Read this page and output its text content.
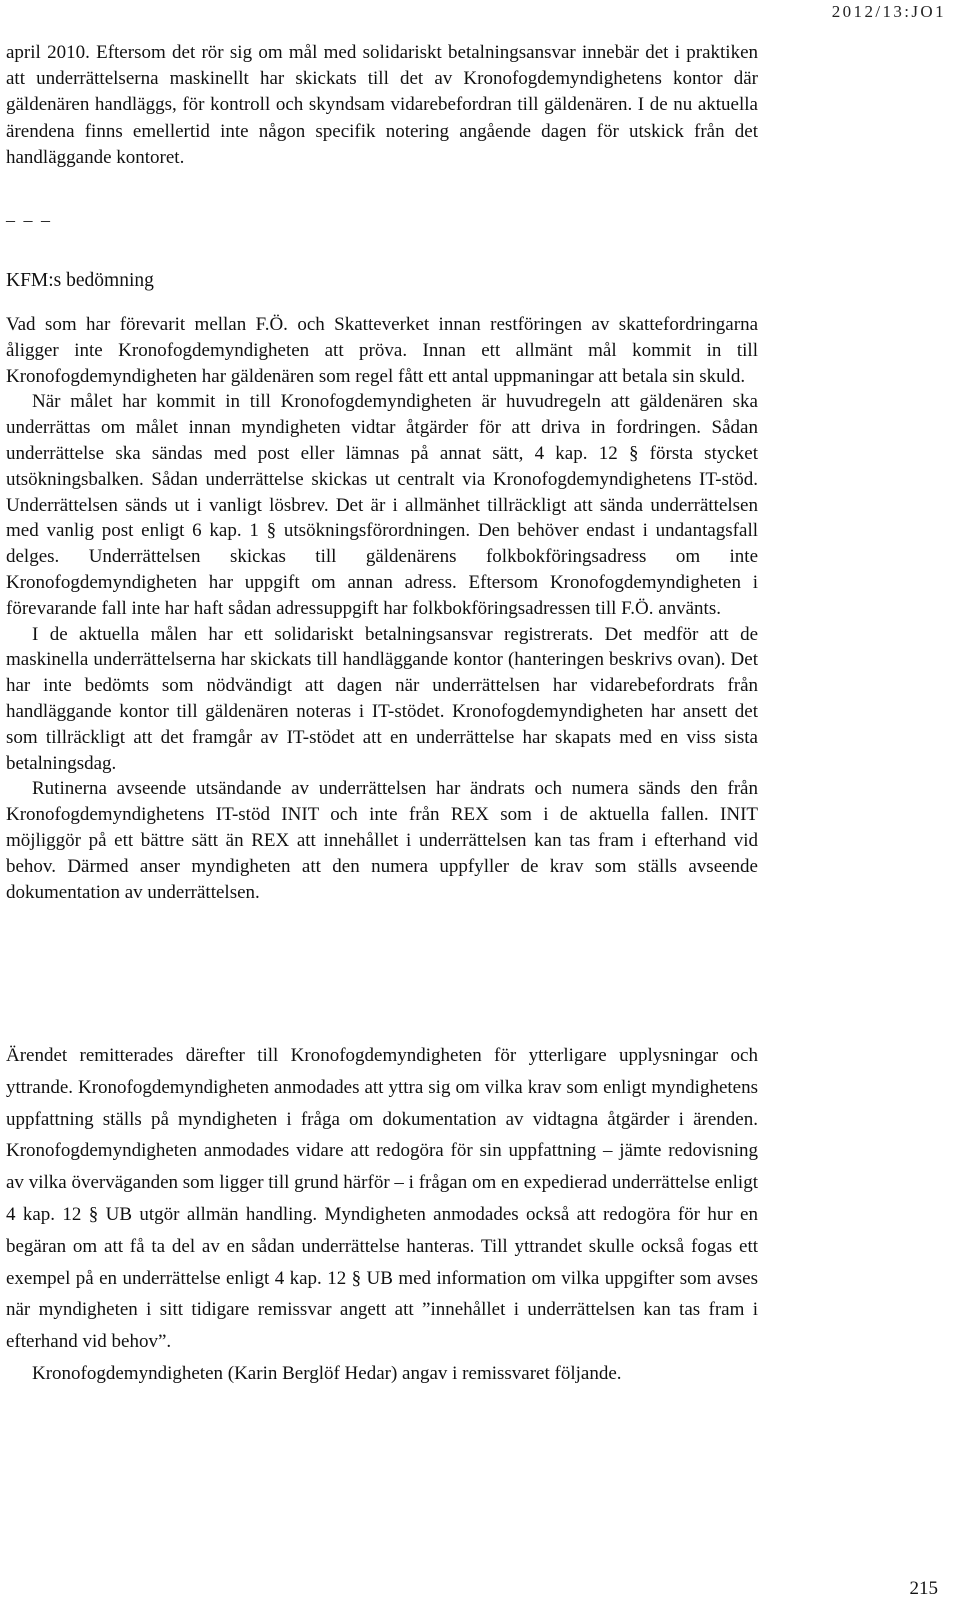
2012/13:JO1
april 2010. Eftersom det rör sig om mål med solidariskt betalningsansvar innebär det i praktiken att underrättelserna maskinellt har skickats till det av Kronofogdemyndighetens kontor där gäldenären handläggs, för kontroll och skyndsam vidarebefordran till gäldenären. I de nu aktuella ärendena finns emellertid inte någon specifik notering angående dagen för utskick från det handläggande kontoret.
– – –
KFM:s bedömning

Vad som har förevarit mellan F.Ö. och Skatteverket innan restföringen av skattefordringarna åligger inte Kronofogdemyndigheten att pröva. Innan ett allmänt mål kommit in till Kronofogdemyndigheten har gäldenären som regel fått ett antal uppmaningar att betala sin skuld.

När målet har kommit in till Kronofogdemyndigheten är huvudregeln att gäldenären ska underrättas om målet innan myndigheten vidtar åtgärder för att driva in fordringen. Sådan underrättelse ska sändas med post eller lämnas på annat sätt, 4 kap. 12 § första stycket utsökningsbalken. Sådan underrättelse skickas ut centralt via Kronofogdemyndighetens IT-stöd. Underrättelsen sänds ut i vanligt lösbrev. Det är i allmänhet tillräckligt att sända underrättelsen med vanlig post enligt 6 kap. 1 § utsökningsförordningen. Den behöver endast i undantagsfall delges. Underrättelsen skickas till gäldenärens folkbokföringsadress om inte Kronofogdemyndigheten har uppgift om annan adress. Eftersom Kronofogdemyndigheten i förevarande fall inte har haft sådan adressuppgift har folkbokföringsadressen till F.Ö. använts.

I de aktuella målen har ett solidariskt betalningsansvar registrerats. Det medför att de maskinella underrättelserna har skickats till handläggande kontor (hanteringen beskrivs ovan). Det har inte bedömts som nödvändigt att dagen när underrättelsen har vidarebefordrats från handläggande kontor till gäldenären noteras i IT-stödet. Kronofogdemyndigheten har ansett det som tillräckligt att det framgår av IT-stödet att en underrättelse har skapats med en viss sista betalningsdag.

Rutinerna avseende utsändande av underrättelsen har ändrats och numera sänds den från Kronofogdemyndighetens IT-stöd INIT och inte från REX som i de aktuella fallen. INIT möjliggör på ett bättre sätt än REX att innehållet i underrättelsen kan tas fram i efterhand vid behov. Därmed anser myndigheten att den numera uppfyller de krav som ställs avseende dokumentation av underrättelsen.

Ärendet remitterades därefter till Kronofogdemyndigheten för ytterligare upplysningar och yttrande. Kronofogdemyndigheten anmodades att yttra sig om vilka krav som enligt myndighetens uppfattning ställs på myndigheten i fråga om dokumentation av vidtagna åtgärder i ärenden. Kronofogdemyndigheten anmodades vidare att redogöra för sin uppfattning – jämte redovisning av vilka överväganden som ligger till grund härför – i frågan om en expedierad underrättelse enligt 4 kap. 12 § UB utgör allmän handling. Myndigheten anmodades också att redogöra för hur en begäran om att få ta del av en sådan underrättelse hanteras. Till yttrandet skulle också fogas ett exempel på en underrättelse enligt 4 kap. 12 § UB med information om vilka uppgifter som avses när myndigheten i sitt tidigare remissvar angett att ”innehållet i underrättelsen kan tas fram i efterhand vid behov”.

Kronofogdemyndigheten (Karin Berglöf Hedar) angav i remissvaret följande.

215
